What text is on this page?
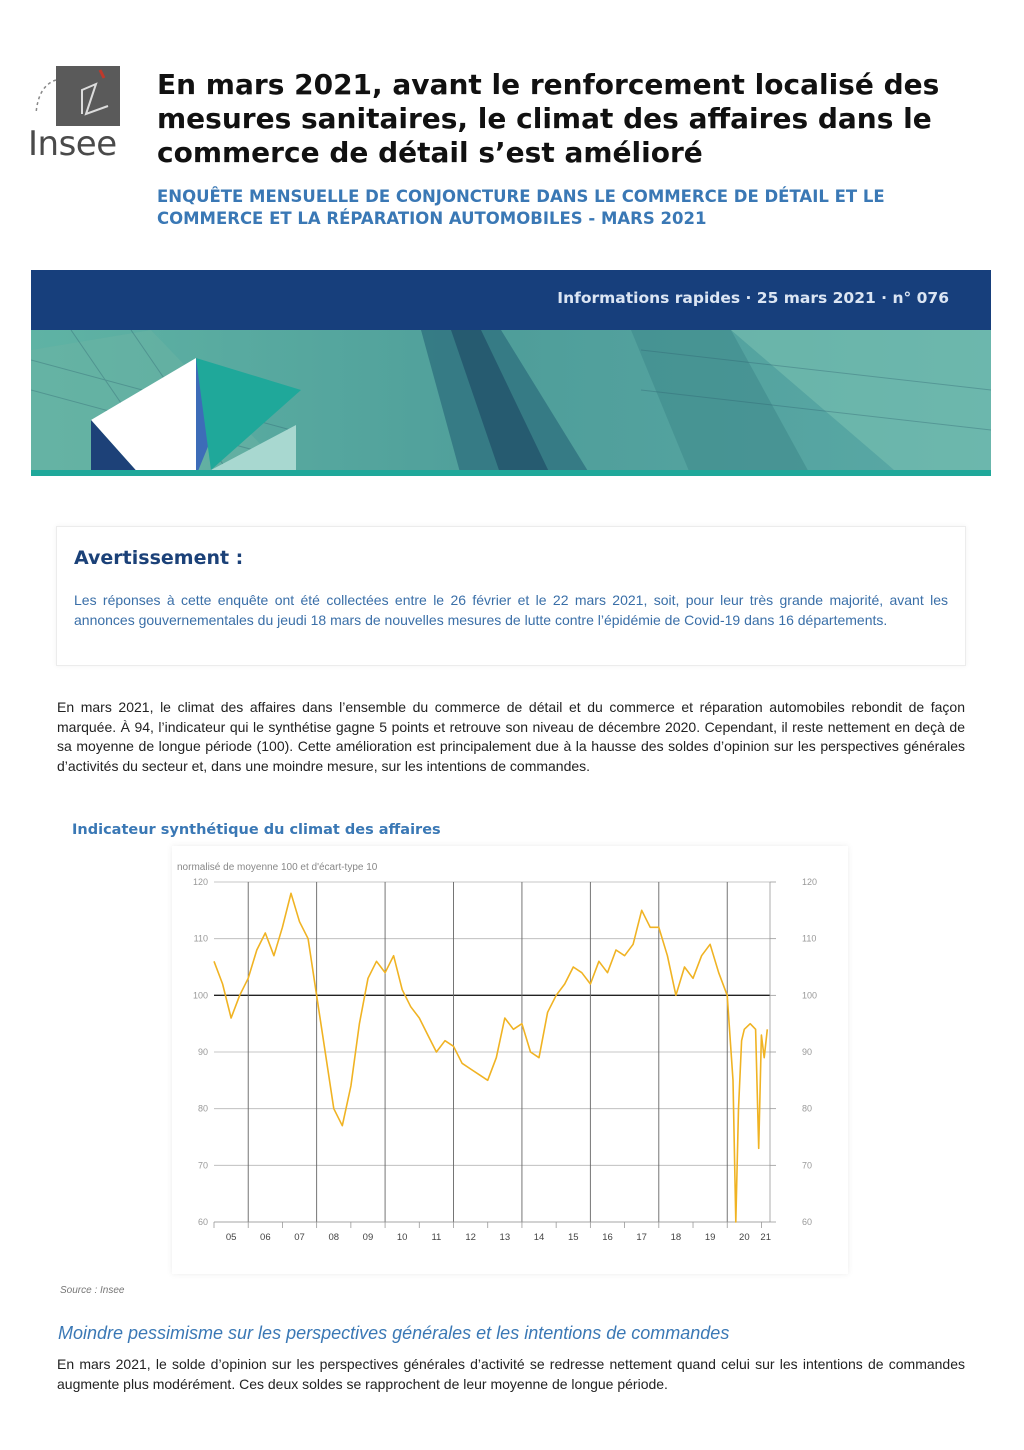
Insee
En mars 2021, avant le renforcement localisé des mesures sanitaires, le climat des affaires dans le commerce de détail s’est amélioré
ENQUÊTE MENSUELLE DE CONJONCTURE DANS LE COMMERCE DE DÉTAIL ET LE COMMERCE ET LA RÉPARATION AUTOMOBILES - MARS 2021
Informations rapides · 25 mars 2021 · n° 076
Avertissement :

Les réponses à cette enquête ont été collectées entre le 26 février et le 22 mars 2021, soit, pour leur très grande majorité, avant les annonces gouvernementales du jeudi 18 mars de nouvelles mesures de lutte contre l’épidémie de Covid-19 dans 16 départements.

En mars 2021, le climat des affaires dans l’ensemble du commerce de détail et du commerce et réparation automobiles rebondit de façon marquée. À 94, l’indicateur qui le synthétise gagne 5 points et retrouve son niveau de décembre 2020. Cependant, il reste nettement en deçà de sa moyenne de longue période (100). Cette amélioration est principalement due à la hausse des soldes d’opinion sur les perspectives générales d’activités du secteur et, dans une moindre mesure, sur les intentions de commandes.

Indicateur synthétique du climat des affaires
normalisé de moyenne 100 et d'écart-type 10
05 06 07 08 09 10	11	12 13 14 15 16 17 18 19 20 21
60	60
70	70
80	80
90	90
100	100
110	110
120	120

Source : Insee

Moindre pessimisme sur les perspectives générales et les intentions de commandes

En mars 2021, le solde d’opinion sur les perspectives générales d’activité se redresse nettement quand celui sur les intentions de commandes augmente plus modérément. Ces deux soldes se rapprochent de leur moyenne de longue période.
